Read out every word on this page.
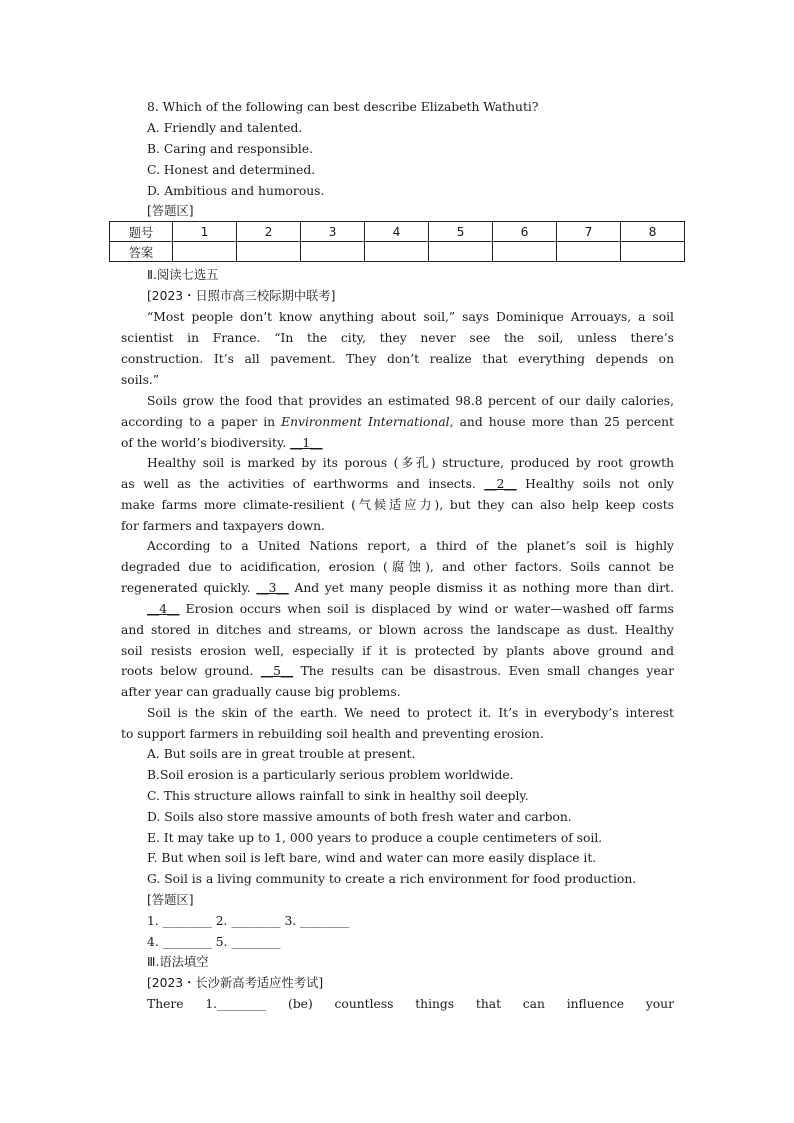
8. Which of the following can best describe Elizabeth Wathuti?
A. Friendly and talented.
B. Caring and responsible.
C. Honest and determined.
D. Ambitious and humorous.
[答题区]
题号	1	2	3	4	5	6	7	8
答案								
Ⅱ.阅读七选五
[2023・日照市高三校际期中联考]
“Most people don’t know anything about soil,” says Dominique Arrouays, a soil
scientist in France. “In the city, they never see the soil, unless there’s
construction. It’s all pavement. They don’t realize that everything depends on
soils.”
Soils grow the food that provides an estimated 98.8 percent of our daily calories,
according to a paper in Environment International, and house more than 25 percent
of the world’s biodiversity. __1__
Healthy soil is marked by its porous (多孔) structure, produced by root growth
as well as the activities of earthworms and insects. __2__ Healthy soils not only
make farms more climate-resilient (气候适应力), but they can also help keep costs
for farmers and taxpayers down.
According to a United Nations report, a third of the planet’s soil is highly
degraded due to acidification, erosion (腐蚀), and other factors. Soils cannot be
regenerated quickly. __3__ And yet many people dismiss it as nothing more than dirt.
__4__ Erosion occurs when soil is displaced by wind or water—washed off farms
and stored in ditches and streams, or blown across the landscape as dust. Healthy
soil resists erosion well, especially if it is protected by plants above ground and
roots below ground. __5__ The results can be disastrous. Even small changes year
after year can gradually cause big problems.
Soil is the skin of the earth. We need to protect it. It’s in everybody’s interest
to support farmers in rebuilding soil health and preventing erosion.
A. But soils are in great trouble at present.
B.Soil erosion is a particularly serious problem worldwide.
C. This structure allows rainfall to sink in healthy soil deeply.
D. Soils also store massive amounts of both fresh water and carbon.
E. It may take up to 1, 000 years to produce a couple centimeters of soil.
F. But when soil is left bare, wind and water can more easily displace it.
G. Soil is a living community to create a rich environment for food production.
[答题区]
1. ________ 2. ________ 3. ________
4. ________ 5. ________
Ⅲ.语法填空
[2023・长沙新高考适应性考试]
There 1.________ (be) countless things that can influence your
